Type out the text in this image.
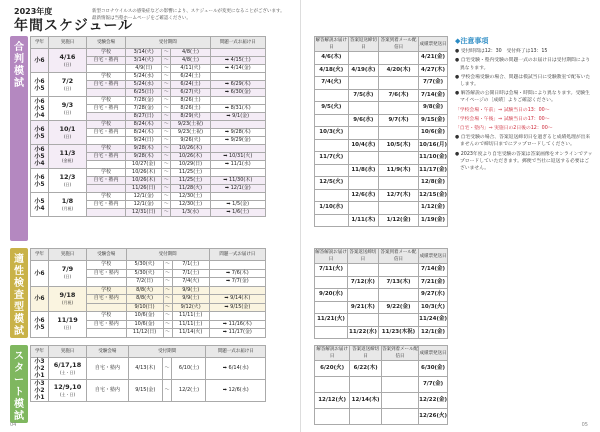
2023年度
年間スケジュール
新型コロナウイルスの感染症などの影響により、スケジュールが変更になることがございます。
最新情報は当塾ホームページをご確認ください。
合
判
模
試
適
性
検
査
型
模
試
ス
タ
ー
ト
模
試
学年	実施日	受験会場	受付期間			問題一式お届け日
小6	4/16
(日)	学校	3/14(火)	～	4/8(土)	
		自宅・塾内	3/14(火)	～	4/8(土)	➡ 4/15(土)
			4/9(日)	～	4/11(火)	➡ 4/14(金)
小6 小5	7/2
(日)	学校	5/24(水)	～	6/24(土)	
		自宅・塾内	5/24(水)	～	6/24(土)	➡ 6/29(木)
			6/25(日)	～	6/27(火)	➡ 6/30(金)
小6 小5 小4	9/3
(日)	学校	7/28(金)	～	8/26(土)	
		自宅・塾内	7/28(金)	～	8/26(土)	➡ 8/31(木)
			8/27(日)	～	8/29(火)	➡ 9/1(金)
小6 小5	10/1
(日)	学校	8/24(木)	～	9/23(土祝)	
		自宅・塾内	8/24(木)	～	9/23(土祝)	➡ 9/28(木)
			9/24(日)	～	9/26(火)	➡ 9/29(金)
小6 小5 小4	11/3
(金祝)	学校	9/28(木)	～	10/26(木)	
		自宅・塾内	9/28(木)	～	10/26(木)	➡ 10/31(火)
			10/27(金)	～	10/29(日)	➡ 11/1(水)
小6 小5	12/3
(日)	学校	10/26(木)	～	11/25(土)	
		自宅・塾内	10/26(木)	～	11/25(土)	➡ 11/30(木)
			11/26(日)	～	11/28(火)	➡ 12/1(金)
小5 小4	1/8
(月祝)	学校	12/1(金)	～	12/30(土)	
		自宅・塾内	12/1(金)	～	12/30(土)	➡ 1/5(金)
			12/31(日)	～	1/3(水)	➡ 1/6(土)
学年	実施日	受験会場	受付期間			問題一式お届け日
小6	7/9
(日)	学校	5/30(火)	～	7/1(土)	
		自宅・塾内	5/30(火)	～	7/1(土)	➡ 7/6(木)
			7/2(日)	～	7/4(火)	➡ 7/7(金)
小6	9/18
(月祝)	学校	8/8(火)	～	9/9(土)	
		自宅・塾内	8/8(火)	～	9/9(土)	➡ 9/14(木)
			9/10(日)	～	9/12(火)	➡ 9/15(金)
小6 小5	11/19
(日)	学校	10/6(金)	～	11/11(土)	
		自宅・塾内	10/6(金)	～	11/11(土)	➡ 11/16(木)
			11/12(日)	～	11/14(火)	➡ 11/17(金)
学年	実施日	受験会場	受付期間			問題一式お届け日
小3 小2 小1	6/17,18
(土・日)	自宅・塾内	4/13(木)	～	6/10(土)	➡ 6/14(水)
小3 小2 小1	12/9,10
(土・日)	自宅・塾内	9/15(金)	～	12/2(土)	➡ 12/6(水)
解答解説お届け日	答案返送締切日	答案到着メール配信日	成績票発送日
4/6(木)			4/21(金)
4/18(火)	4/19(水)	4/20(木)	4/27(木)
7/4(火)			7/7(金)
	7/5(水)	7/6(木)	7/14(金)
9/5(火)			9/8(金)
	9/6(水)	9/7(木)	9/15(金)
10/3(火)			10/6(金)
	10/4(水)	10/5(木)	10/16(月)
11/7(火)			11/10(金)
	11/8(水)	11/9(木)	11/17(金)
12/5(火)			12/8(金)
	12/6(水)	12/7(木)	12/15(金)
1/10(水)			1/12(金)
	1/11(木)	1/12(金)	1/19(金)
解答解説お届け日	答案返送締切日	答案到着メール配信日	成績票発送日
7/11(火)			7/14(金)
	7/12(水)	7/13(木)	7/21(金)
9/20(水)			9/27(水)
	9/21(木)	9/22(金)	10/3(火)
11/21(火)			11/24(金)
	11/22(水)	11/23(木祝)	12/1(金)
解答解説お届け日	答案返送締切日	答案到着メール配信日	成績票発送日
6/20(火)	6/22(木)		6/30(金)
			7/7(金)
12/12(火)	12/14(木)		12/22(金)
			12/26(火)
◆注意事項

● 受付時間は12：30　受付終了は13：15

● 自宅受験・塾内受験の問題一式のお届け日は受付期間により異なります。

● 学校会場受験の場合、問題は模試当日に受験教室で配布いたします。

● 解答解説の公開日時は会場・時間により異なります。受験生マイページの［成績］よりご確認ください。

「学校会場・午前」⇒ 試験当日の13：00〜

「学校会場・午後」⇒ 試験当日の17：00〜

「自宅・塾内」⇒ 実施日の2日後の12：00〜

● 自宅受験の場合、答案返送締切日を過ぎると成績処理が出来ませんので締切日までにアップロードしてください。

● 2023年度より自宅受験の答案は答案画像をオンラインでアップロードしていただきます。郵便で当社に返送する必要はございません。

04	05
